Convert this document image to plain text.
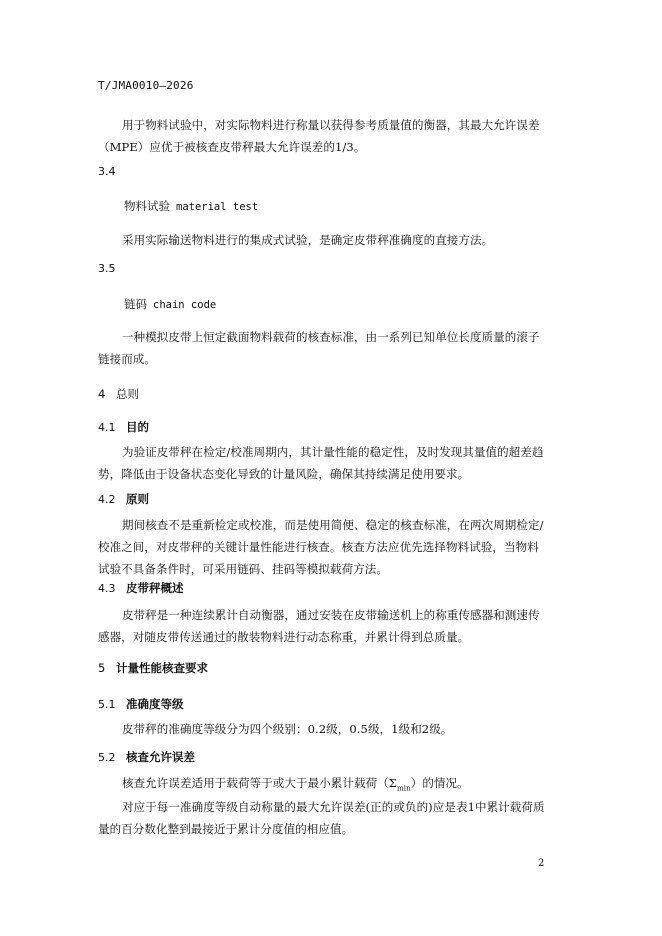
T/JMA0010—2026
用于物料试验中，对实际物料进行称量以获得参考质量值的衡器，其最大允许误差（MPE）应优于被核查皮带秤最大允许误差的1/3。
3.4
物料试验 material test
采用实际输送物料进行的集成式试验，是确定皮带秤准确度的直接方法。
3.5
链码 chain code
一种模拟皮带上恒定截面物料载荷的核查标准，由一系列已知单位长度质量的滚子链接而成。
4 总则
4.1 目的
为验证皮带秤在检定/校准周期内，其计量性能的稳定性，及时发现其量值的超差趋势，降低由于设备状态变化导致的计量风险，确保其持续满足使用要求。
4.2 原则
期间核查不是重新检定或校准，而是使用简便、稳定的核查标准，在两次周期检定/校准之间，对皮带秤的关键计量性能进行核查。核查方法应优先选择物料试验，当物料试验不具备条件时，可采用链码、挂码等模拟载荷方法。
4.3 皮带秤概述
皮带秤是一种连续累计自动衡器，通过安装在皮带输送机上的称重传感器和测速传感器，对随皮带传送通过的散装物料进行动态称重，并累计得到总质量。
5 计量性能核查要求
5.1 准确度等级
皮带秤的准确度等级分为四个级别：0.2级，0.5级，1级和2级。
5.2 核查允许误差
核查允许误差适用于载荷等于或大于最小累计载荷$(\Sigma_{min})$的情况。
对应于每一准确度等级自动称量的最大允许误差(正的或负的)应是表1中累计载荷质量的百分数化整到最接近于累计分度值的相应值。
2
